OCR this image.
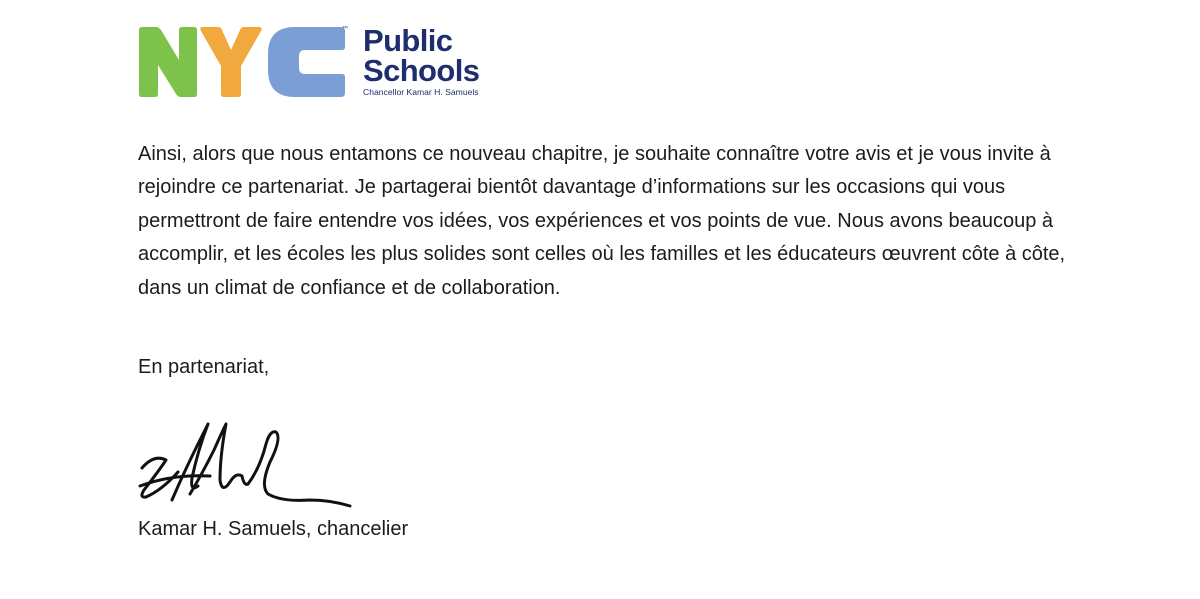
™ Public
Schools
Chancellor Kamar H. Samuels

Ainsi, alors que nous entamons ce nouveau chapitre, je souhaite connaître votre avis et je vous invite à rejoindre ce partenariat. Je partagerai bientôt davantage d’informations sur les occasions qui vous permettront de faire entendre vos idées, vos expériences et vos points de vue. Nous avons beaucoup à accomplir, et les écoles les plus solides sont celles où les familles et les éducateurs œuvrent côte à côte, dans un climat de confiance et de collaboration.

En partenariat,

Kamar H. Samuels, chancelier
